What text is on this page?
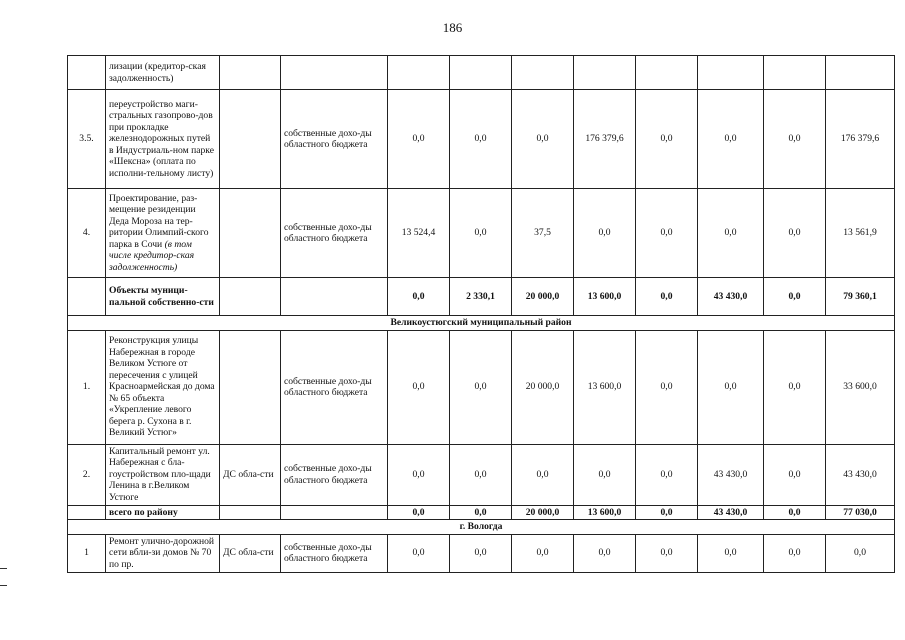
186
	лизации (кредитор-ская задолженность)										
3.5.	переустройство маги-стральных газопрово-дов при прокладке железнодорожных путей в Индустриаль-ном парке «Шексна» (оплата по исполни-тельному листу)		собственные дохо-ды областного бюджета	0,0	0,0	0,0	176 379,6	0,0	0,0	0,0	176 379,6
4.	Проектирование, раз-мещение резиденции Деда Мороза на тер-ритории Олимпий-ского парка в Сочи (в том числе кредитор-ская задолженность)		собственные дохо-ды областного бюджета	13 524,4	0,0	37,5	0,0	0,0	0,0	0,0	13 561,9
	Объекты муници-пальной собственно-сти			0,0	2 330,1	20 000,0	13 600,0	0,0	43 430,0	0,0	79 360,1
Великоустюгский муниципальный район											
1.	Реконструкция улицы Набережная в городе Великом Устюге от пересечения с улицей Красноармейская до дома № 65 объекта «Укрепление левого берега р. Сухона в г. Великий Устюг»		собственные дохо-ды областного бюджета	0,0	0,0	20 000,0	13 600,0	0,0	0,0	0,0	33 600,0
2.	Капитальный ремонт ул. Набережная с бла-гоустройством пло-щади Ленина в г.Великом Устюге	ДС обла-сти	собственные дохо-ды областного бюджета	0,0	0,0	0,0	0,0	0,0	43 430,0	0,0	43 430,0
	всего по району			0,0	0,0	20 000,0	13 600,0	0,0	43 430,0	0,0	77 030,0
г. Вологда											
1	Ремонт улично-дорожной сети вбли-зи домов № 70 по пр.	ДС обла-сти	собственные дохо-ды областного бюджета	0,0	0,0	0,0	0,0	0,0	0,0	0,0	0,0
